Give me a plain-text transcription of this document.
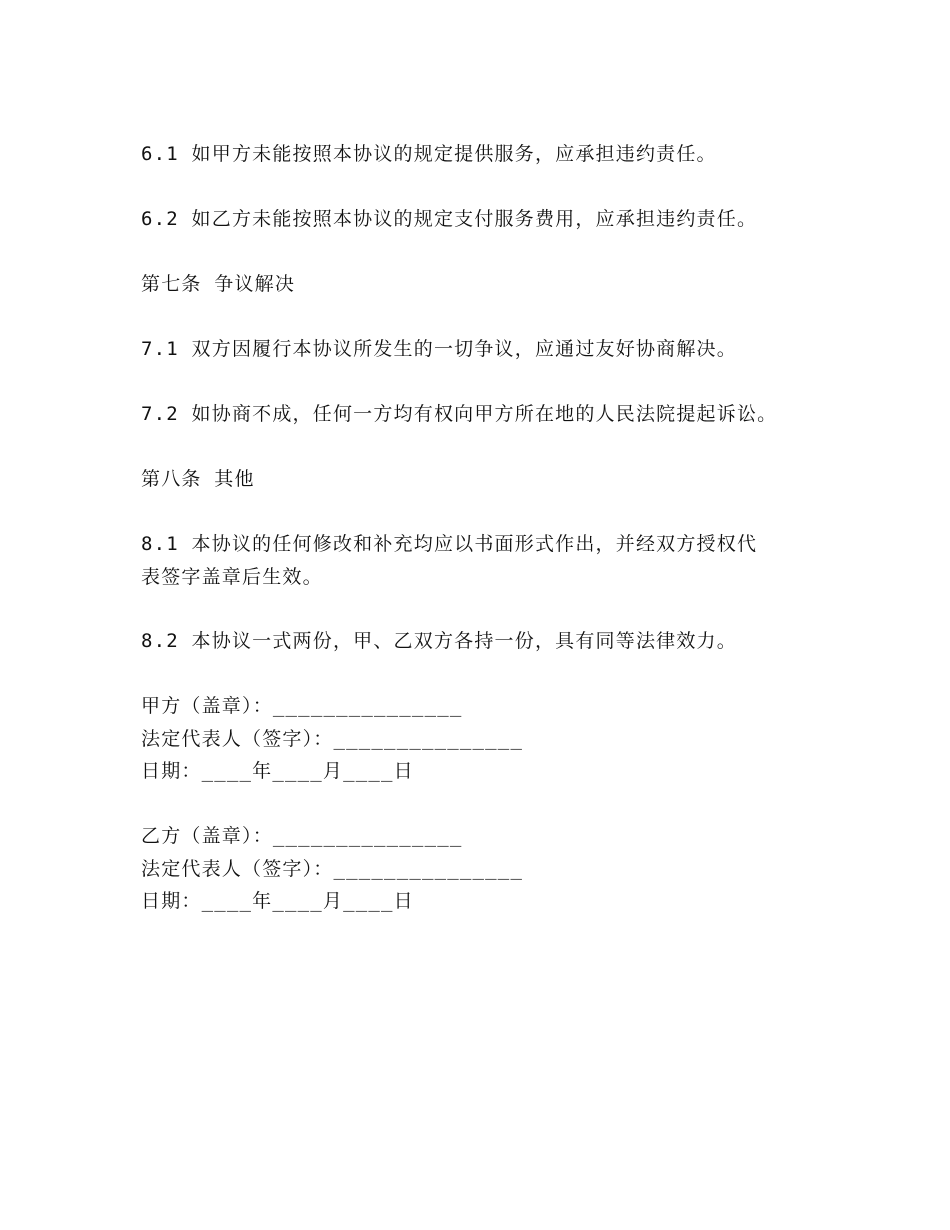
6.1 如甲方未能按照本协议的规定提供服务，应承担违约责任。
6.2 如乙方未能按照本协议的规定支付服务费用，应承担违约责任。
第七条 争议解决
7.1 双方因履行本协议所发生的一切争议，应通过友好协商解决。
7.2 如协商不成，任何一方均有权向甲方所在地的人民法院提起诉讼。
第八条 其他
8.1 本协议的任何修改和补充均应以书面形式作出，并经双方授权代
表签字盖章后生效。
8.2 本协议一式两份，甲、乙双方各持一份，具有同等法律效力。
甲方（盖章）：_______________
法定代表人（签字）：_______________
日期：____年____月____日
乙方（盖章）：_______________
法定代表人（签字）：_______________
日期：____年____月____日
